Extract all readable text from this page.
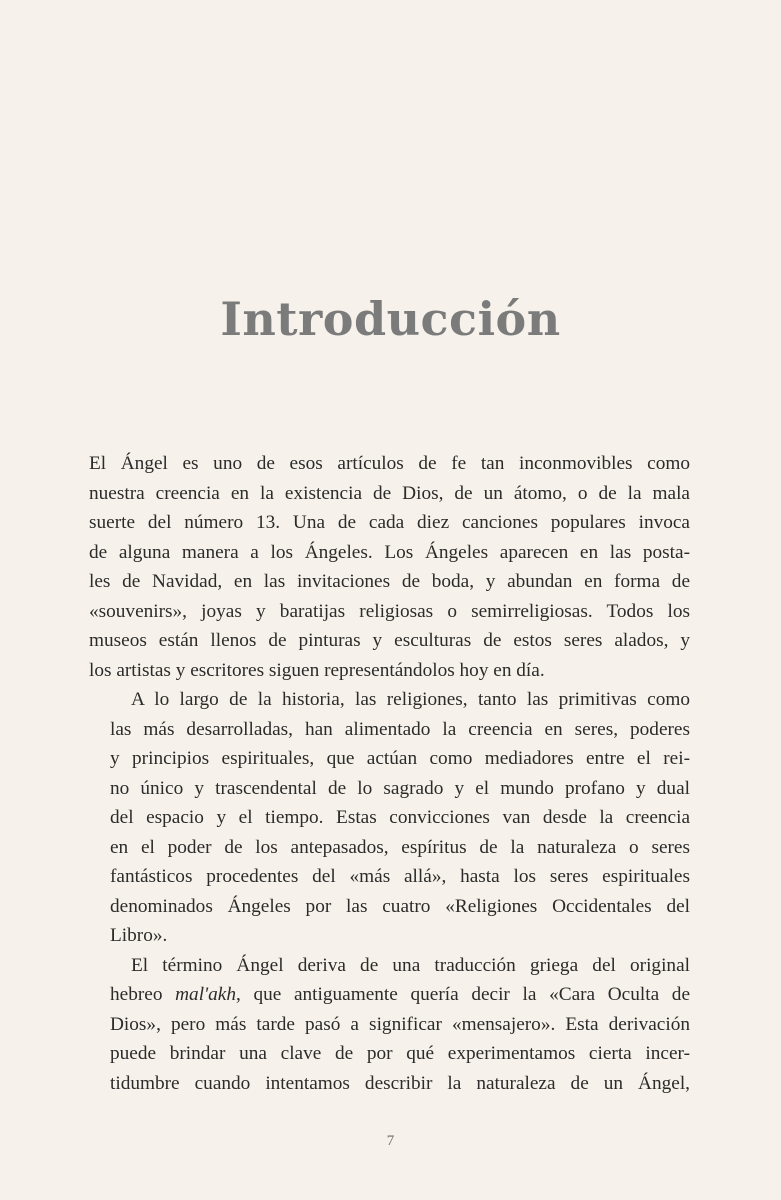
Introducción

El Ángel es uno de esos artículos de fe tan inconmovibles como
nuestra creencia en la existencia de Dios, de un átomo, o de la mala
suerte del número 13. Una de cada diez canciones populares invoca
de alguna manera a los Ángeles. Los Ángeles aparecen en las posta-
les de Navidad, en las invitaciones de boda, y abundan en forma de
«souvenirs», joyas y baratijas religiosas o semirreligiosas. Todos los
museos están llenos de pinturas y esculturas de estos seres alados, y
los artistas y escritores siguen representándolos hoy en día.

A lo largo de la historia, las religiones, tanto las primitivas como
las más desarrolladas, han alimentado la creencia en seres, poderes
y principios espirituales, que actúan como mediadores entre el rei-
no único y trascendental de lo sagrado y el mundo profano y dual
del espacio y el tiempo. Estas convicciones van desde la creencia
en el poder de los antepasados, espíritus de la naturaleza o seres
fantásticos procedentes del «más allá», hasta los seres espirituales
denominados Ángeles por las cuatro «Religiones Occidentales del
Libro».

El término Ángel deriva de una traducción griega del original
hebreo mal'akh, que antiguamente quería decir la «Cara Oculta de
Dios», pero más tarde pasó a significar «mensajero». Esta derivación
puede brindar una clave de por qué experimentamos cierta incer-
tidumbre cuando intentamos describir la naturaleza de un Ángel,

7
